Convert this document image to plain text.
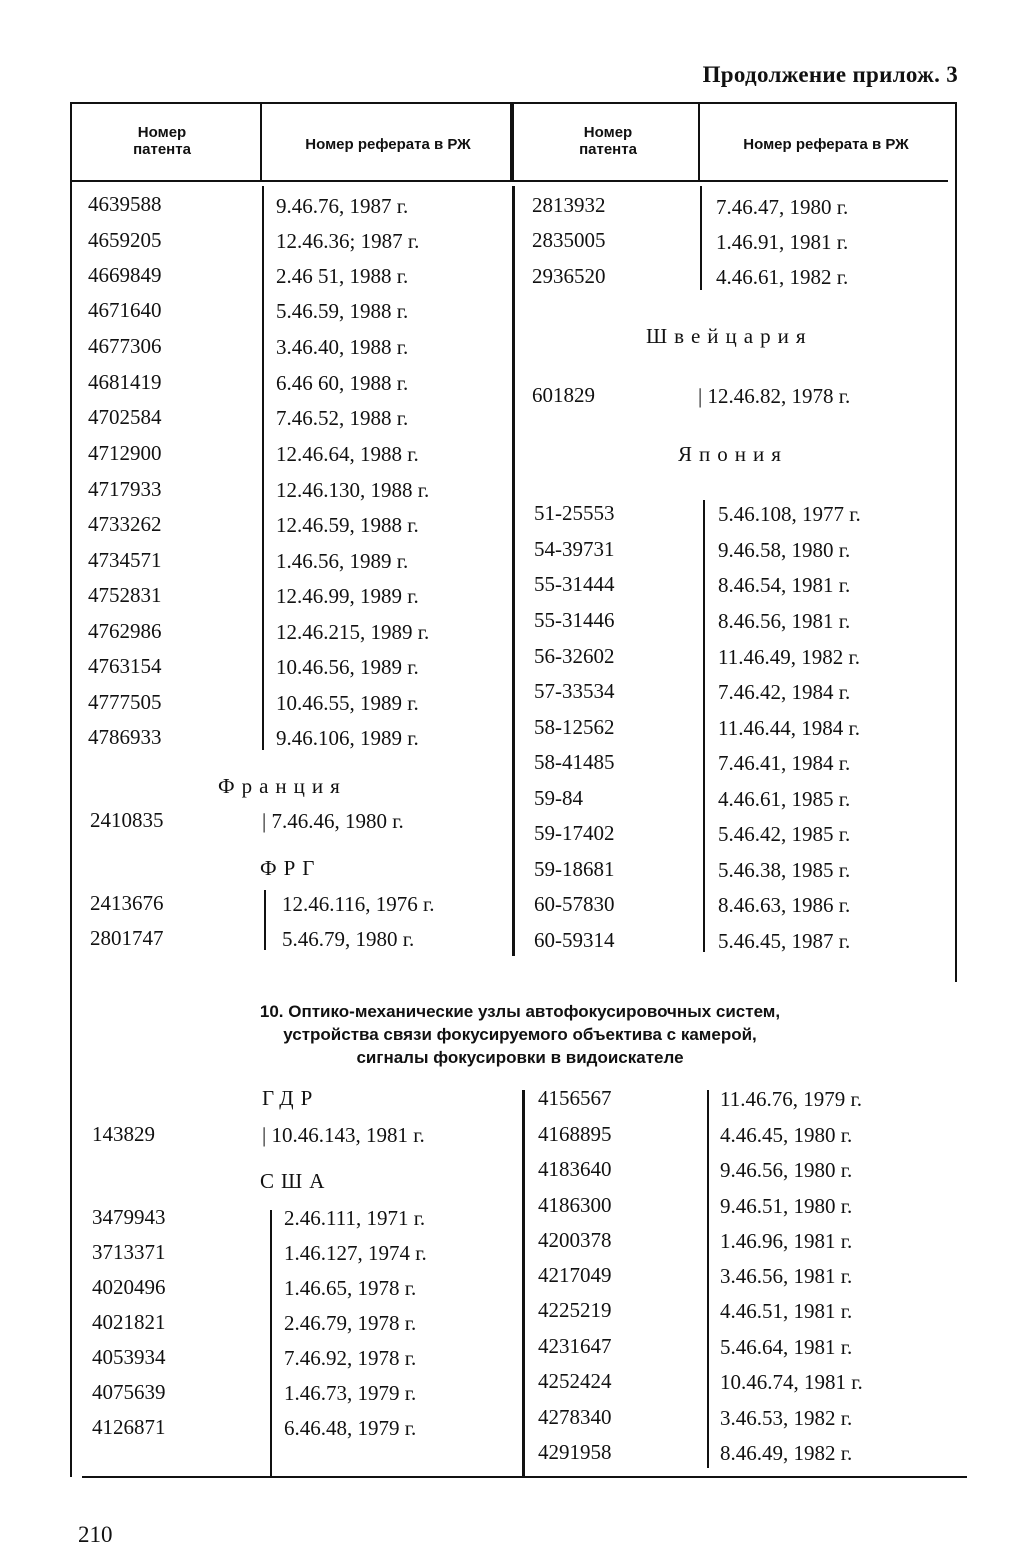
Продолжение прилож. 3
Номер патента	Номер реферата в РЖ
Номер патента	Номер реферата в РЖ
4639588	9.46.76, 1987 г.
4659205	12.46.36; 1987 г.
4669849	2.46 51, 1988 г.
4671640	5.46.59, 1988 г.
4677306	3.46.40, 1988 г.
4681419	6.46 60, 1988 г.
4702584	7.46.52, 1988 г.
4712900	12.46.64, 1988 г.
4717933	12.46.130, 1988 г.
4733262	12.46.59, 1988 г.
4734571	1.46.56, 1989 г.
4752831	12.46.99, 1989 г.
4762986	12.46.215, 1989 г.
4763154	10.46.56, 1989 г.
4777505	10.46.55, 1989 г.
4786933	9.46.106, 1989 г.
Франция
2410835	| 7.46.46, 1980 г.
ФРГ
2413676	12.46.116, 1976 г.
2801747	5.46.79, 1980 г.
2813932	7.46.47, 1980 г.
2835005	1.46.91, 1981 г.
2936520	4.46.61, 1982 г.
Швейцария
601829	| 12.46.82, 1978 г.
Япония
51-25553	5.46.108, 1977 г.
54-39731	9.46.58, 1980 г.
55-31444	8.46.54, 1981 г.
55-31446	8.46.56, 1981 г.
56-32602	11.46.49, 1982 г.
57-33534	7.46.42, 1984 г.
58-12562	11.46.44, 1984 г.
58-41485	7.46.41, 1984 г.
59-84	4.46.61, 1985 г.
59-17402	5.46.42, 1985 г.
59-18681	5.46.38, 1985 г.
60-57830	8.46.63, 1986 г.
60-59314	5.46.45, 1987 г.
10. Оптико-механические узлы автофокусировочных систем,
устройства связи фокусируемого объектива с камерой,
сигналы фокусировки в видоискателе
ГДР
143829	| 10.46.143, 1981 г.
США
3479943	2.46.111, 1971 г.
3713371	1.46.127, 1974 г.
4020496	1.46.65, 1978 г.
4021821	2.46.79, 1978 г.
4053934	7.46.92, 1978 г.
4075639	1.46.73, 1979 г.
4126871	6.46.48, 1979 г.
4156567	11.46.76, 1979 г.
4168895	4.46.45, 1980 г.
4183640	9.46.56, 1980 г.
4186300	9.46.51, 1980 г.
4200378	1.46.96, 1981 г.
4217049	3.46.56, 1981 г.
4225219	4.46.51, 1981 г.
4231647	5.46.64, 1981 г.
4252424	10.46.74, 1981 г.
4278340	3.46.53, 1982 г.
4291958	8.46.49, 1982 г.
210
